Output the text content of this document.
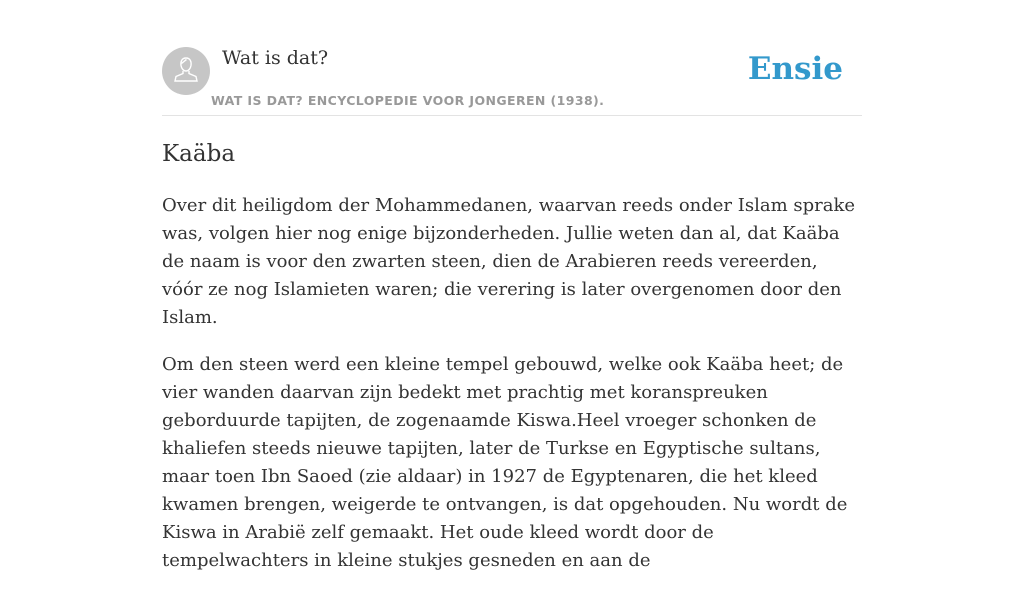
Wat is dat?
WAT IS DAT? ENCYCLOPEDIE VOOR JONGEREN (1938).
Ensie
Kaäba

Over dit heiligdom der Mohammedanen, waarvan reeds onder Islam sprake was, volgen hier nog enige bijzonderheden. Jullie weten dan al, dat Kaäba de naam is voor den zwarten steen, dien de Arabieren reeds vereerden, vóór ze nog Islamieten waren; die verering is later overgenomen door den Islam.

Om den steen werd een kleine tempel gebouwd, welke ook Kaäba heet; de vier wanden daarvan zijn bedekt met prachtig met koranspreuken geborduurde tapijten, de zogenaamde Kiswa.Heel vroeger schonken de khaliefen steeds nieuwe tapijten, later de Turkse en Egyptische sultans, maar toen Ibn Saoed (zie aldaar) in 1927 de Egyptenaren, die het kleed kwamen brengen, weigerde te ontvangen, is dat opgehouden. Nu wordt de Kiswa in Arabië zelf gemaakt. Het oude kleed wordt door de tempelwachters in kleine stukjes gesneden en aan de
